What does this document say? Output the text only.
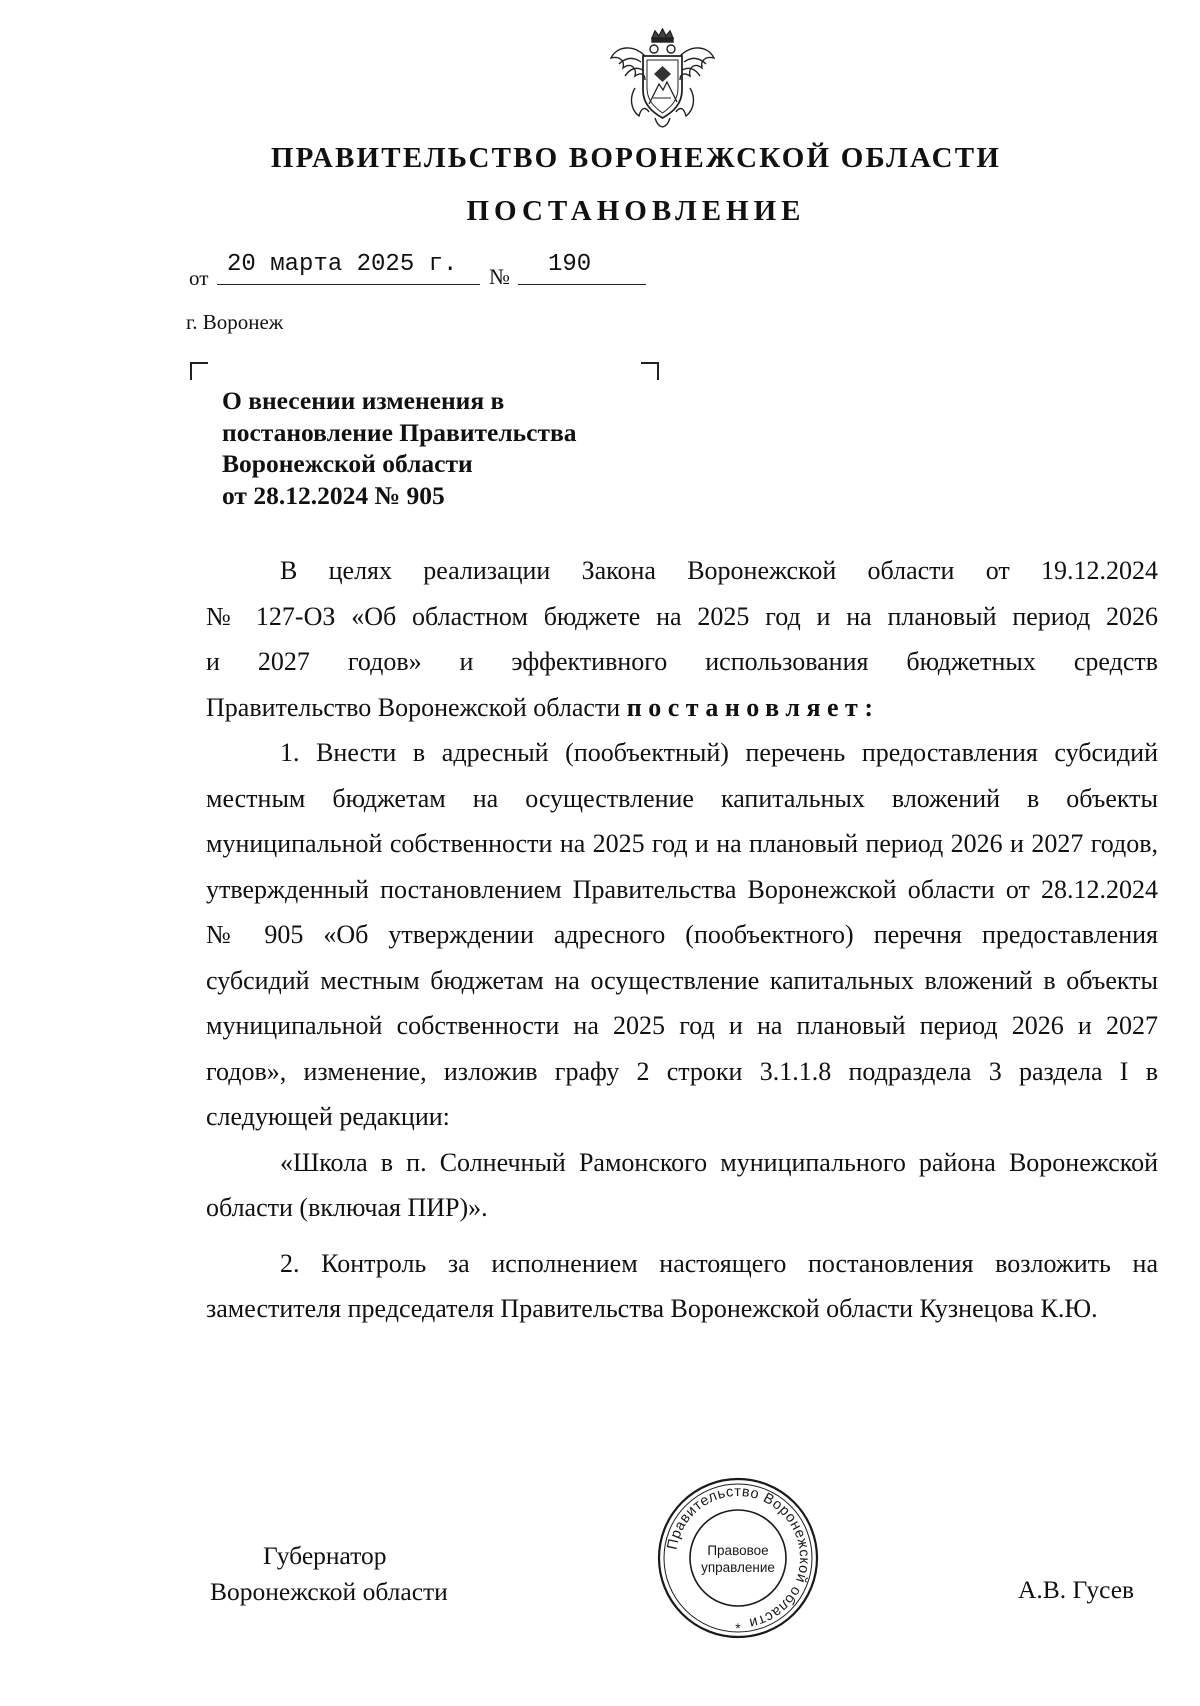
ПРАВИТЕЛЬСТВО ВОРОНЕЖСКОЙ ОБЛАСТИ
ПОСТАНОВЛЕНИЕ
от 20 марта 2025 г. № 190
г. Воронеж
О внесении изменения в
постановление Правительства
Воронежской области
от 28.12.2024 № 905

В целях реализации Закона Воронежской области от 19.12.2024

№ 127-ОЗ «Об областном бюджете на 2025 год и на плановый период 2026

и 2027 годов» и эффективного использования бюджетных средств

Правительство Воронежской области постановляет:

1. Внести в адресный (пообъектный) перечень предоставления субсидий местным бюджетам на осуществление капитальных вложений в объекты муниципальной собственности на 2025 год и на плановый период 2026 и 2027 годов, утвержденный постановлением Правительства Воронежской области от 28.12.2024 № 905 «Об утверждении адресного (пообъектного) перечня предоставления субсидий местным бюджетам на осуществление капитальных вложений в объекты муниципальной собственности на 2025 год и на плановый период 2026 и 2027 годов», изменение, изложив графу 2 строки 3.1.1.8 подраздела 3 раздела I в следующей редакции:

«Школа в п. Солнечный Рамонского муниципального района Воронежской области (включая ПИР)».

2. Контроль за исполнением настоящего постановления возложить на заместителя председателя Правительства Воронежской области Кузнецова К.Ю.

Губернатор
Воронежской области	А.В. Гусев
Правительство Воронежской области
Правовое
управление
*
